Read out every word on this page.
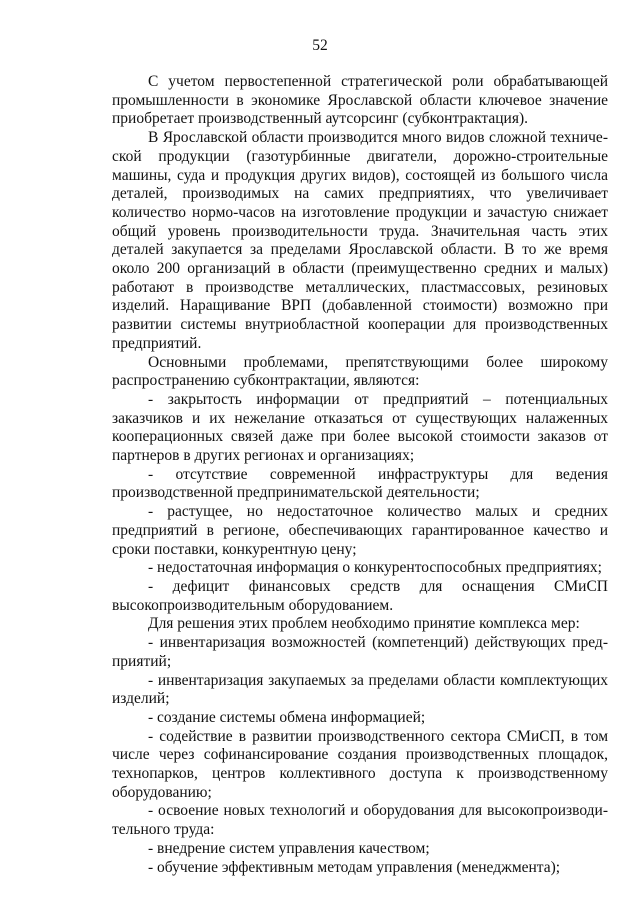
52

С учетом первостепенной стратегической роли обрабатывающей промышленности в экономике Ярославской области ключевое значение приобретает производственный аутсорсинг (субконтрактация).

В Ярославской области производится много видов сложной технической продукции (газотурбинные двигатели, дорожно-строительные машины, суда и продукция других видов), состоящей из большого числа деталей, производимых на самих предприятиях, что увеличивает количество нормо-часов на изготовление продукции и зачастую снижает общий уровень производительности труда. Значительная часть этих деталей закупается за пределами Ярославской области. В то же время около 200 организаций в области (преимущественно средних и малых) работают в производстве металлических, пластмассовых, резиновых изделий. Наращивание ВРП (добавленной стоимости) возможно при развитии системы внутриобластной кооперации для производственных предприятий.

Основными проблемами, препятствующими более широкому распространению субконтрактации, являются:

- закрытость информации от предприятий – потенциальных заказчиков и их нежелание отказаться от существующих налаженных кооперационных связей даже при более высокой стоимости заказов от партнеров в других регионах и организациях;

- отсутствие современной инфраструктуры для ведения производственной предпринимательской деятельности;

- растущее, но недостаточное количество малых и средних предприятий в регионе, обеспечивающих гарантированное качество и сроки поставки, конкурентную цену;

- недостаточная информация о конкурентоспособных предприятиях;

- дефицит финансовых средств для оснащения СМиСП высокопроизводительным оборудованием.

Для решения этих проблем необходимо принятие комплекса мер:

- инвентаризация возможностей (компетенций) действующих предприятий;

- инвентаризация закупаемых за пределами области комплектующих изделий;

- создание системы обмена информацией;

- содействие в развитии производственного сектора СМиСП, в том числе через софинансирование создания производственных площадок, технопарков, центров коллективного доступа к производственному оборудованию;

- освоение новых технологий и оборудования для высокопроизводительного труда:

- внедрение систем управления качеством;

- обучение эффективным методам управления (менеджмента);
